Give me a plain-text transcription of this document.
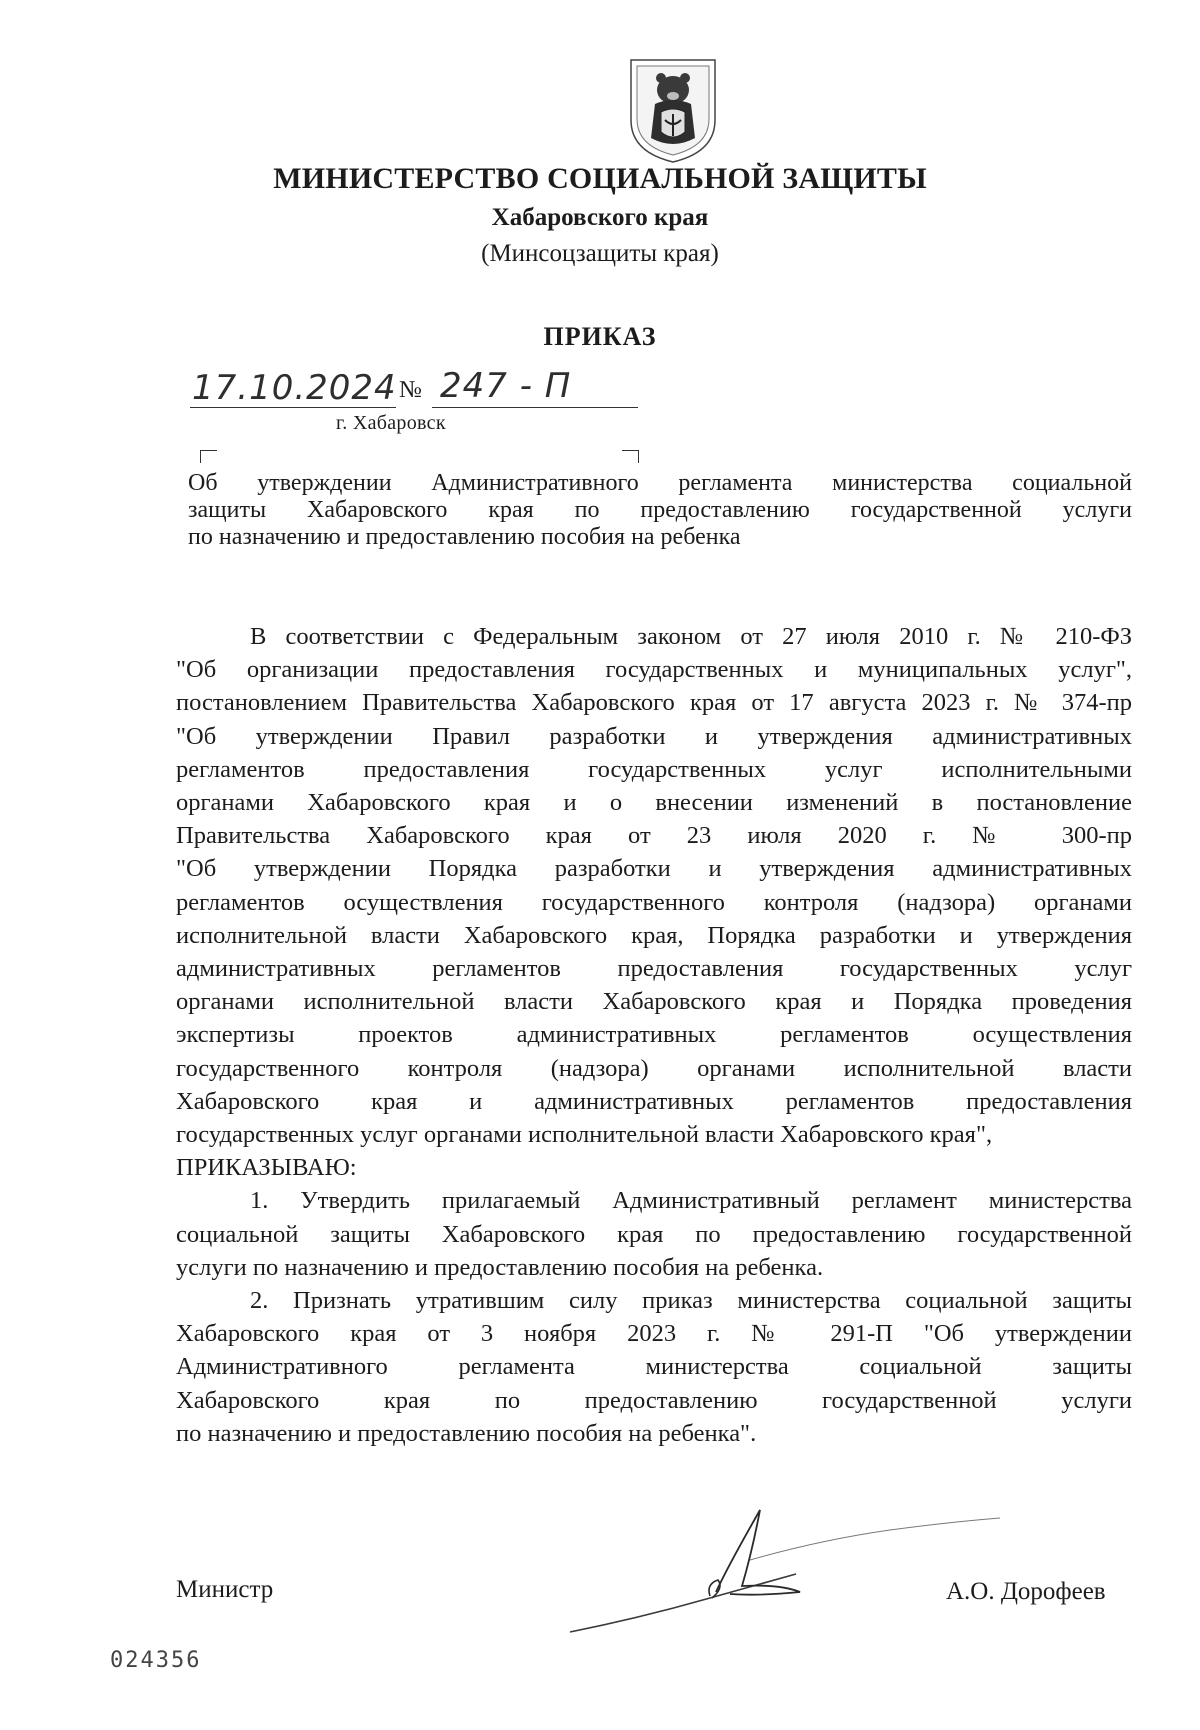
МИНИСТЕРСТВО СОЦИАЛЬНОЙ ЗАЩИТЫ
Хабаровского края
(Минсоцзащиты края)
ПРИКАЗ
17.10.2024 № 247 - П
г. Хабаровск
Об утверждении Административного регламента министерства социальной
защиты Хабаровского края по предоставлению государственной услуги
по назначению и предоставлению пособия на ребенка
В соответствии с Федеральным законом от 27 июля 2010 г. № 210-ФЗ
"Об организации предоставления государственных и муниципальных услуг",
постановлением Правительства Хабаровского края от 17 августа 2023 г. № 374-пр
"Об утверждении Правил разработки и утверждения административных
регламентов предоставления государственных услуг исполнительными
органами Хабаровского края и о внесении изменений в постановление
Правительства Хабаровского края от 23 июля 2020 г. № 300-пр
"Об утверждении Порядка разработки и утверждения административных
регламентов осуществления государственного контроля (надзора) органами
исполнительной власти Хабаровского края, Порядка разработки и утверждения
административных регламентов предоставления государственных услуг
органами исполнительной власти Хабаровского края и Порядка проведения
экспертизы проектов административных регламентов осуществления
государственного контроля (надзора) органами исполнительной власти
Хабаровского края и административных регламентов предоставления
государственных услуг органами исполнительной власти Хабаровского края",
ПРИКАЗЫВАЮ:
1. Утвердить прилагаемый Административный регламент министерства
социальной защиты Хабаровского края по предоставлению государственной
услуги по назначению и предоставлению пособия на ребенка.
2. Признать утратившим силу приказ министерства социальной защиты
Хабаровского края от 3 ноября 2023 г. № 291-П "Об утверждении
Административного регламента министерства социальной защиты
Хабаровского края по предоставлению государственной услуги
по назначению и предоставлению пособия на ребенка".
Министр	А.О. Дорофеев
024356
